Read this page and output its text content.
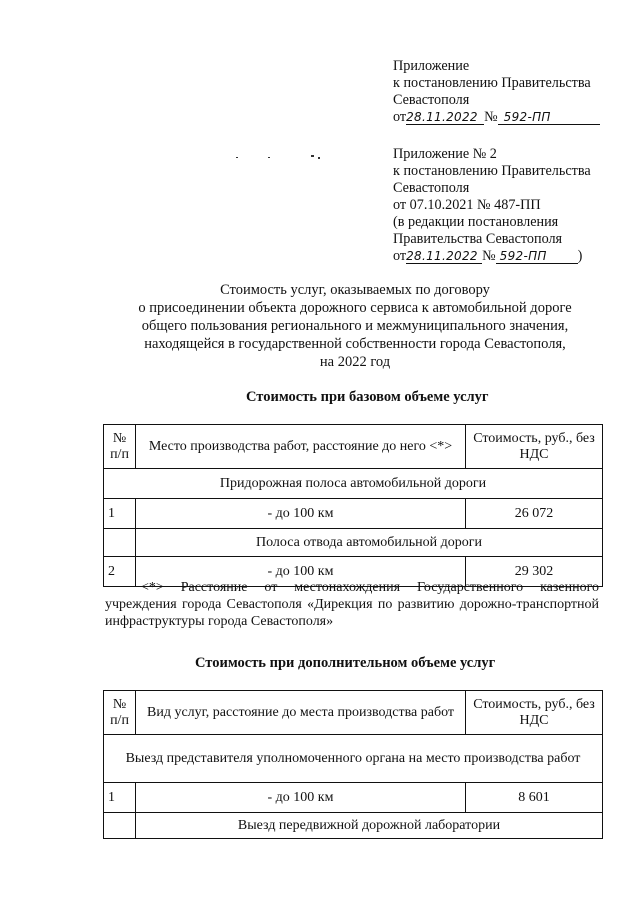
Приложение
к постановлению Правительства
Севастополя
от28.11.2022 № 592-ПП
Приложение № 2
к постановлению Правительства
Севастополя
от 07.10.2021 № 487-ПП
(в редакции постановления
Правительства Севастополя
от28.11.2022 № 592-ПП )
Стоимость услуг, оказываемых по договору
о присоединении объекта дорожного сервиса к автомобильной дороге
общего пользования регионального и межмуниципального значения,
находящейся в государственной собственности города Севастополя,
на 2022 год
Стоимость при базовом объеме услуг
№ п/п	Место производства работ, расстояние до него <*>	Стоимость, руб., без НДС
Придорожная полоса автомобильной дороги		
1	- до 100 км	26 072
	Полоса отвода автомобильной дороги	
2	- до 100 км	29 302
<*> Расстояние от местонахождения Государственного казенного учреждения города Севастополя «Дирекция по развитию дорожно-транспортной инфраструктуры города Севастополя»
Стоимость при дополнительном объеме услуг
№ п/п	Вид услуг, расстояние до места производства работ	Стоимость, руб., без НДС
Выезд представителя уполномоченного органа на место производства работ		
1	- до 100 км	8 601
	Выезд передвижной дорожной лаборатории	
